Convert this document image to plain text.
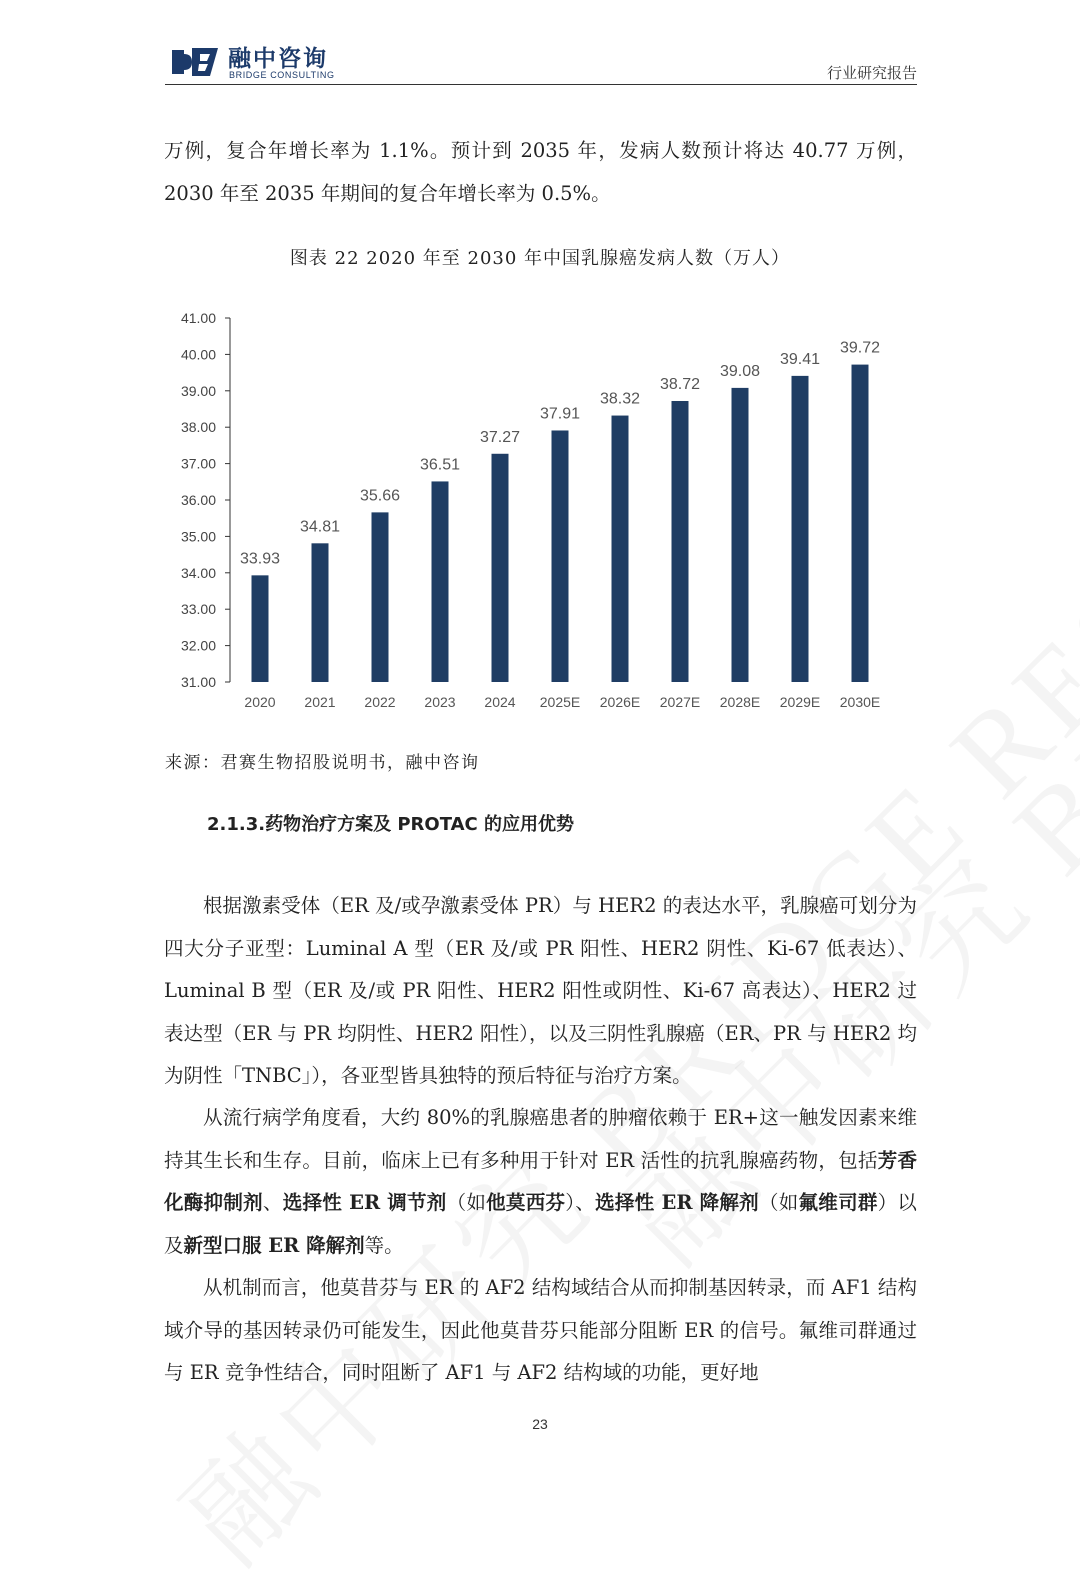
融中咨询
BRIDGE CONSULTING	行业研究报告
万例，复合年增长率为 1.1%。预计到 2035 年，发病人数预计将达 40.77 万例，2030 年至 2035 年期间的复合年增长率为 0.5%。
图表 22 2020 年至 2030 年中国乳腺癌发病人数（万人）
31.00
32.00
33.00
34.00
35.00
36.00
37.00
38.00
39.00
40.00
41.00
33.93
2020
34.81
2021
35.66
2022
36.51
2023
37.27
2024
37.91
2025E
38.32
2026E
38.72
2027E
39.08
2028E
39.41
2029E
39.72
2030E
来源：君赛生物招股说明书，融中咨询
2.1.3.药物治疗方案及 PROTAC 的应用优势
根据激素受体（ER 及/或孕激素受体 PR）与 HER2 的表达水平，乳腺癌可划分为四大分子亚型：Luminal A 型（ER 及/或 PR 阳性、HER2 阴性、Ki-67 低表达）、Luminal B 型（ER 及/或 PR 阳性、HER2 阳性或阴性、Ki-67 高表达）、HER2 过表达型（ER 与 PR 均阴性、HER2 阳性），以及三阴性乳腺癌（ER、PR 与 HER2 均为阴性「TNBC」），各亚型皆具独特的预后特征与治疗方案。
从流行病学角度看，大约 80%的乳腺癌患者的肿瘤依赖于 ER+这一触发因素来维持其生长和生存。目前，临床上已有多种用于针对 ER 活性的抗乳腺癌药物，包括芳香化酶抑制剂、选择性 ER 调节剂（如他莫西芬）、选择性 ER 降解剂（如氟维司群）以及新型口服 ER 降解剂等。
从机制而言，他莫昔芬与 ER 的 AF2 结构域结合从而抑制基因转录，而 AF1 结构域介导的基因转录仍可能发生，因此他莫昔芬只能部分阻断 ER 的信号。氟维司群通过与 ER 竞争性结合，同时阻断了 AF1 与 AF2 结构域的功能，更好地
23
